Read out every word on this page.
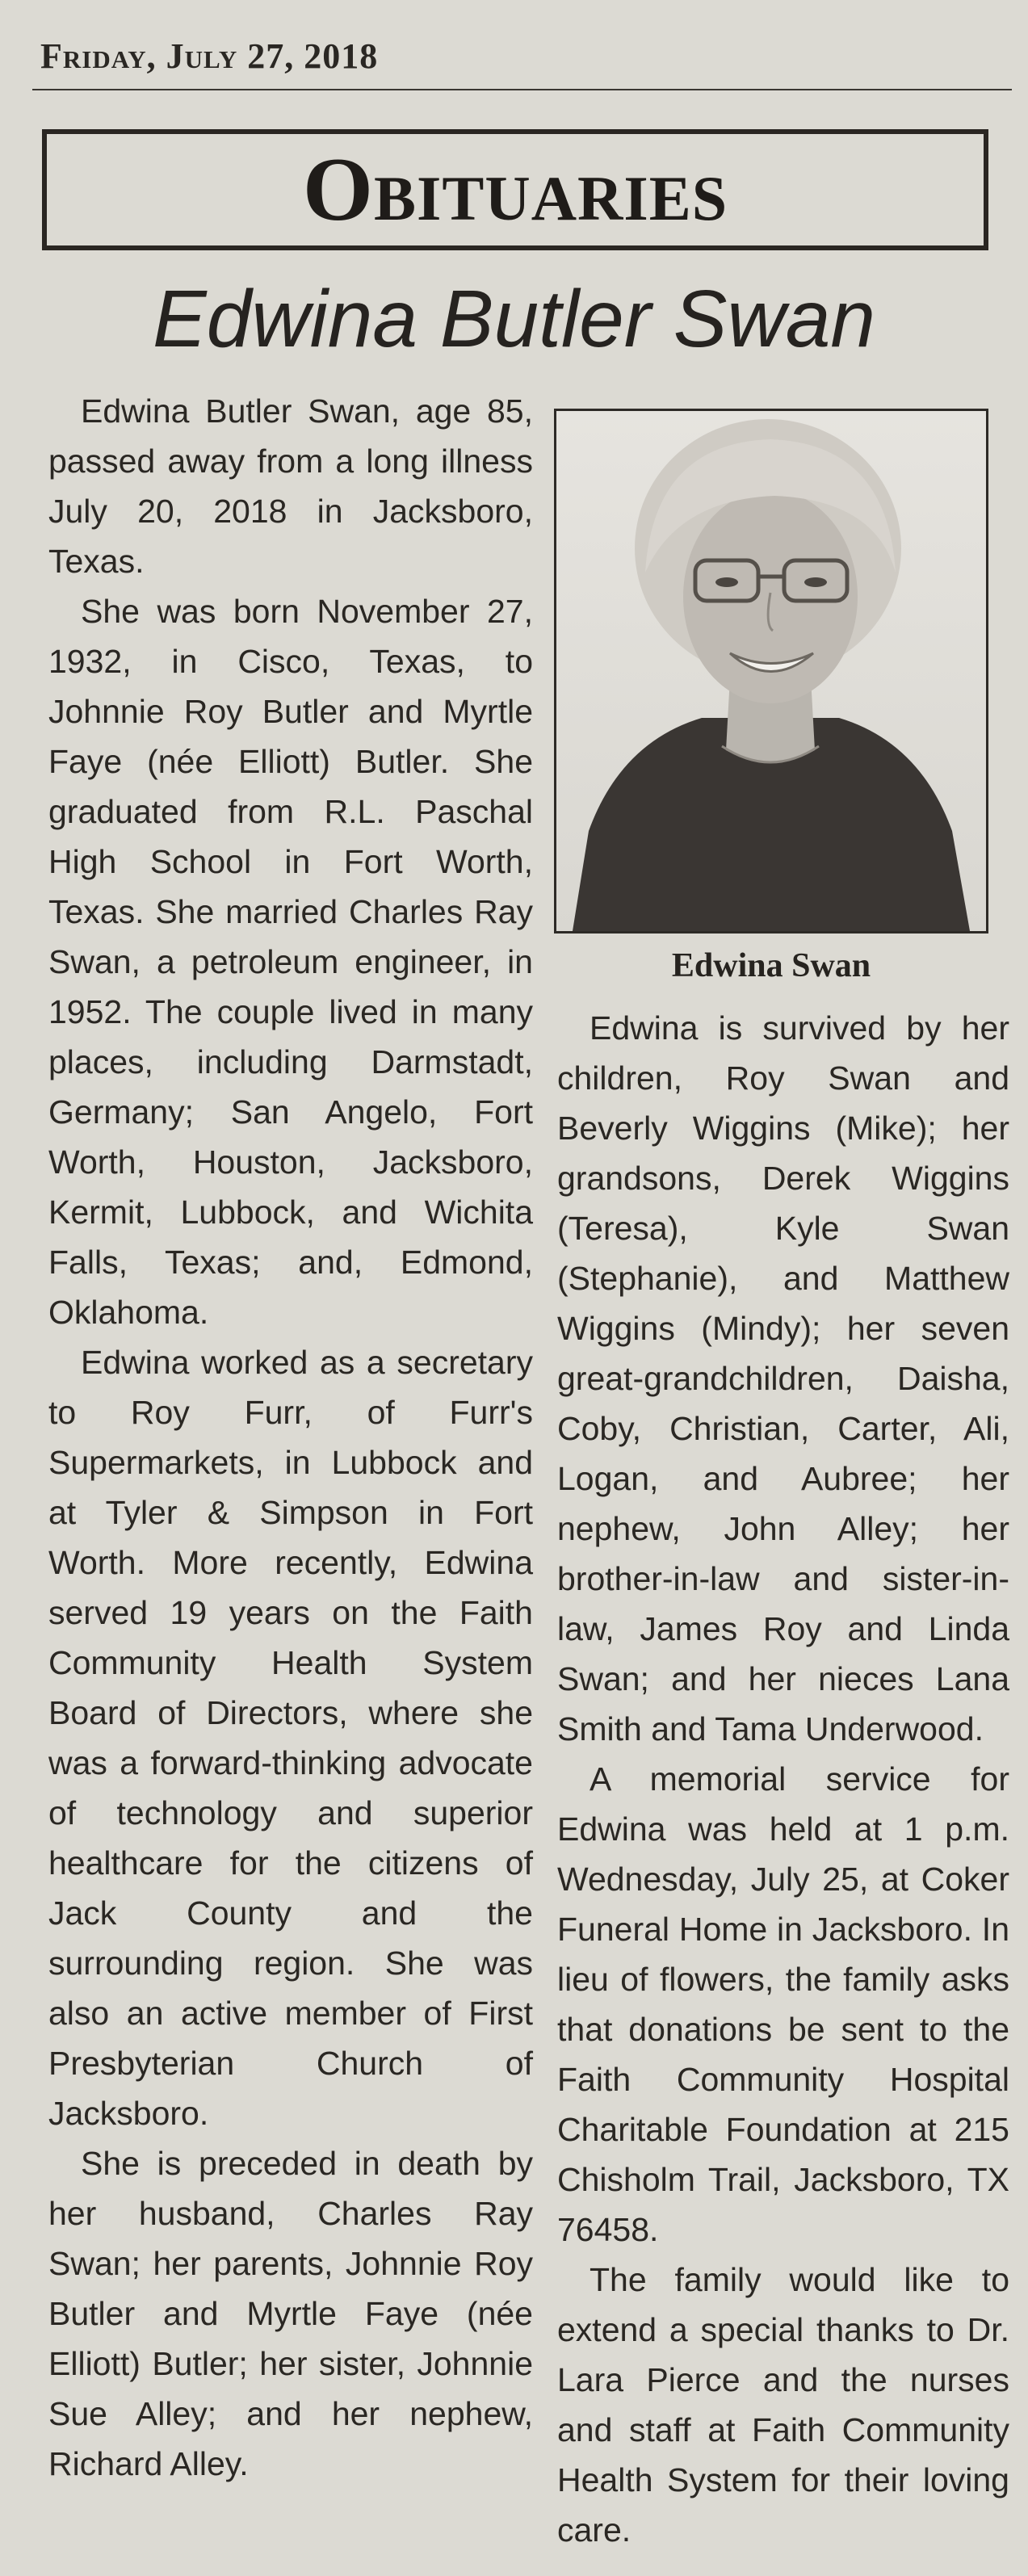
Friday, July 27, 2018
Obituaries
Edwina Butler Swan

Edwina Butler Swan, age 85, passed away from a long illness July 20, 2018 in Jacksboro, Texas.

She was born November 27, 1932, in Cisco, Texas, to Johnnie Roy Butler and Myrtle Faye (née Elliott) Butler. She graduated from R.L. Paschal High School in Fort Worth, Texas. She married Charles Ray Swan, a petroleum engineer, in 1952. The couple lived in many places, including Darmstadt, Germany; San Angelo, Fort Worth, Houston, Jacksboro, Kermit, Lubbock, and Wichita Falls, Texas; and, Edmond, Oklahoma.

Edwina worked as a secretary to Roy Furr, of Furr's Supermarkets, in Lubbock and at Tyler & Simpson in Fort Worth. More recently, Edwina served 19 years on the Faith Community Health System Board of Directors, where she was a forward-thinking advocate of technology and superior healthcare for the citizens of Jack County and the surrounding region. She was also an active member of First Presbyterian Church of Jacksboro.

She is preceded in death by her husband, Charles Ray Swan; her parents, Johnnie Roy Butler and Myrtle Faye (née Elliott) Butler; her sister, Johnnie Sue Alley; and her nephew, Richard Alley.

Edwina Swan

Edwina is survived by her children, Roy Swan and Beverly Wiggins (Mike); her grandsons, Derek Wiggins (Teresa), Kyle Swan (Stephanie), and Matthew Wiggins (Mindy); her seven great-grandchildren, Daisha, Coby, Christian, Carter, Ali, Logan, and Aubree; her nephew, John Alley; her brother-in-law and sister-in-law, James Roy and Linda Swan; and her nieces Lana Smith and Tama Underwood.

A memorial service for Edwina was held at 1 p.m. Wednesday, July 25, at Coker Funeral Home in Jacksboro. In lieu of flowers, the family asks that donations be sent to the Faith Community Hospital Charitable Foundation at 215 Chisholm Trail, Jacksboro, TX 76458.

The family would like to extend a special thanks to Dr. Lara Pierce and the nurses and staff at Faith Community Health System for their loving care.
